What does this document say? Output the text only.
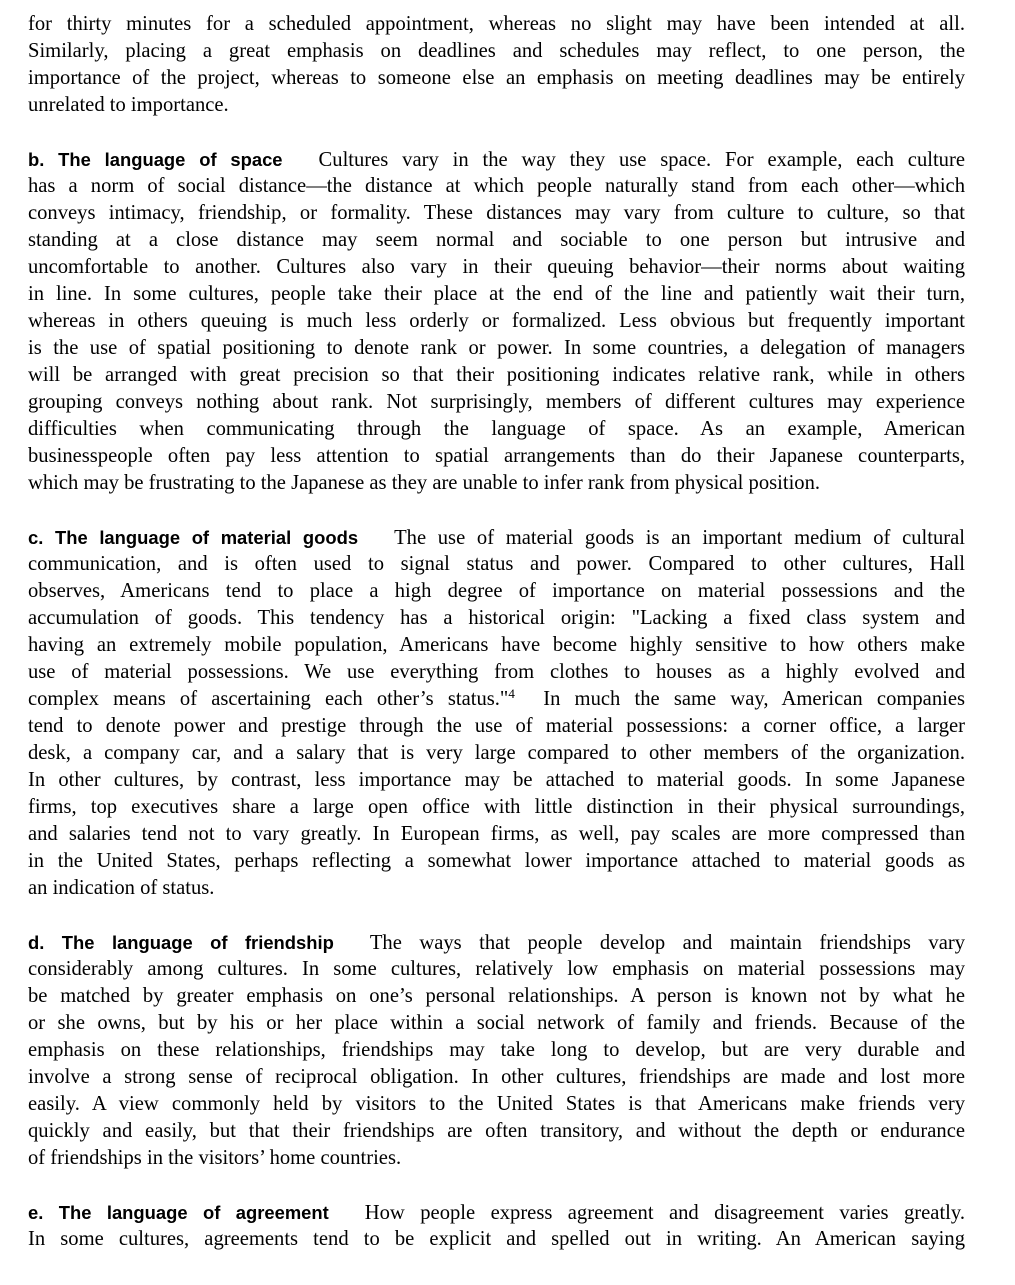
for thirty minutes for a scheduled appointment, whereas no slight may have been intended at all.
Similarly, placing a great emphasis on deadlines and schedules may reflect, to one person, the
importance of the project, whereas to someone else an emphasis on meeting deadlines may be entirely
unrelated to importance.
b. The language of space Cultures vary in the way they use space. For example, each culture
has a norm of social distance—the distance at which people naturally stand from each other—which
conveys intimacy, friendship, or formality. These distances may vary from culture to culture, so that
standing at a close distance may seem normal and sociable to one person but intrusive and
uncomfortable to another. Cultures also vary in their queuing behavior—their norms about waiting
in line. In some cultures, people take their place at the end of the line and patiently wait their turn,
whereas in others queuing is much less orderly or formalized. Less obvious but frequently important
is the use of spatial positioning to denote rank or power. In some countries, a delegation of managers
will be arranged with great precision so that their positioning indicates relative rank, while in others
grouping conveys nothing about rank. Not surprisingly, members of different cultures may experience
difficulties when communicating through the language of space. As an example, American
businesspeople often pay less attention to spatial arrangements than do their Japanese counterparts,
which may be frustrating to the Japanese as they are unable to infer rank from physical position.
c. The language of material goods The use of material goods is an important medium of cultural
communication, and is often used to signal status and power. Compared to other cultures, Hall
observes, Americans tend to place a high degree of importance on material possessions and the
accumulation of goods. This tendency has a historical origin: "Lacking a fixed class system and
having an extremely mobile population, Americans have become highly sensitive to how others make
use of material possessions. We use everything from clothes to houses as a highly evolved and
complex means of ascertaining each other’s status."$^4$  In much the same way, American companies
tend to denote power and prestige through the use of material possessions: a corner office, a larger
desk, a company car, and a salary that is very large compared to other members of the organization.
In other cultures, by contrast, less importance may be attached to material goods. In some Japanese
firms, top executives share a large open office with little distinction in their physical surroundings,
and salaries tend not to vary greatly. In European firms, as well, pay scales are more compressed than
in the United States, perhaps reflecting a somewhat lower importance attached to material goods as
an indication of status.
d. The language of friendship The ways that people develop and maintain friendships vary
considerably among cultures. In some cultures, relatively low emphasis on material possessions may
be matched by greater emphasis on one’s personal relationships. A person is known not by what he
or she owns, but by his or her place within a social network of family and friends. Because of the
emphasis on these relationships, friendships may take long to develop, but are very durable and
involve a strong sense of reciprocal obligation. In other cultures, friendships are made and lost more
easily. A view commonly held by visitors to the United States is that Americans make friends very
quickly and easily, but that their friendships are often transitory, and without the depth or endurance
of friendships in the visitors’ home countries.
e. The language of agreement How people express agreement and disagreement varies greatly.
In some cultures, agreements tend to be explicit and spelled out in writing. An American saying
